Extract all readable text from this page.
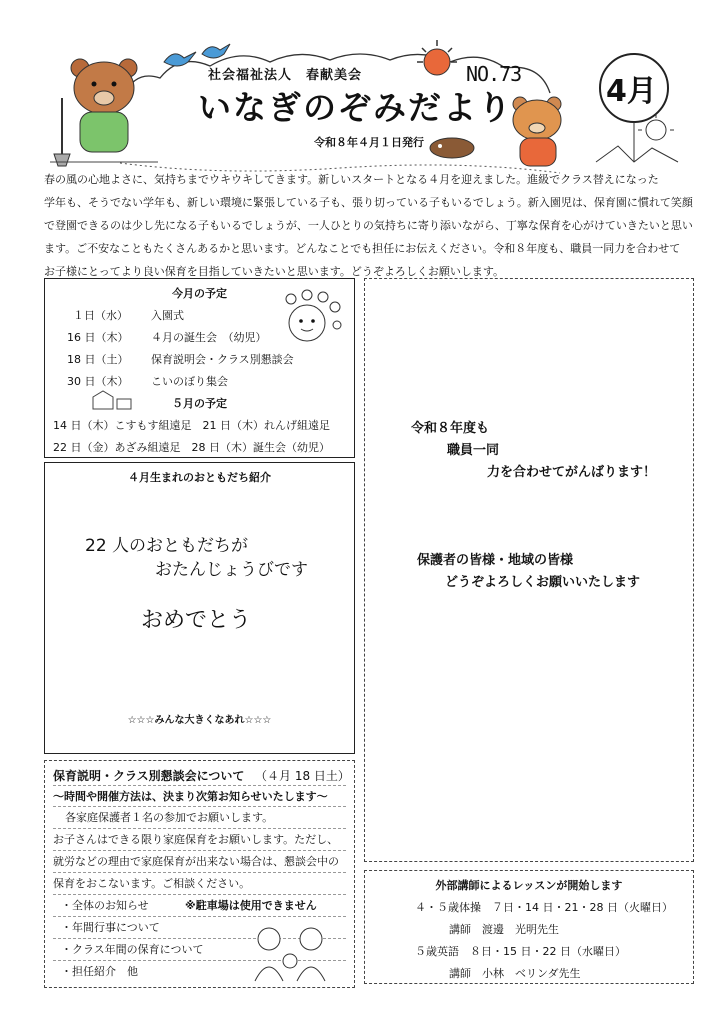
社会福祉法人　春献美会
いなぎのぞみだより
NO.73
令和８年４月１日発行
4月

春の風の心地よさに、気持ちまでウキウキしてきます。新しいスタートとなる４月を迎えました。進級でクラス替えになった

学年も、そうでない学年も、新しい環境に緊張している子も、張り切っている子もいるでしょう。新入園児は、保育園に慣れて笑顔

で登園できるのは少し先になる子もいるでしょうが、一人ひとりの気持ちに寄り添いながら、丁寧な保育を心がけていきたいと思い

ます。ご不安なこともたくさんあるかと思います。どんなことでも担任にお伝えください。令和８年度も、職員一同力を合わせて

お子様にとってより良い保育を目指していきたいと思います。どうぞよろしくお願いします。

今月の予定
１日（水） 入園式
16 日（木） ４月の誕生会　（幼児）
18 日（土） 保育説明会・クラス別懇談会
30 日（木） こいのぼり集会
５月の予定
14 日（木）こすもす組遠足　21 日（木）れんげ組遠足
22 日（金）あざみ組遠足　28 日（木）誕生会（幼児）
４月生まれのおともだち紹介
22 人のおともだちが
おたんじょうびです
おめでとう
☆☆☆みんな大きくなあれ☆☆☆
令和８年度も
職員一同
力を合わせてがんばります！
保護者の皆様・地域の皆様
どうぞよろしくお願いいたします
保育説明・クラス別懇談会について （４月 18 日土）
～時間や開催方法は、決まり次第お知らせいたします～
各家庭保護者１名の参加でお願いします。
お子さんはできる限り家庭保育をお願いします。ただし、
就労などの理由で家庭保育が出来ない場合は、懇談会中の
保育をおこないます。ご相談ください。
・全体のお知らせ	※駐車場は使用できません
・年間行事について
・クラス年間の保育について
・担任紹介　他
外部講師によるレッスンが開始します
４・５歳体操　７日・14 日・21・28 日（火曜日）
講師　渡邊　光明先生
５歳英語　８日・15 日・22 日（水曜日）
講師　小林　ベリンダ先生
